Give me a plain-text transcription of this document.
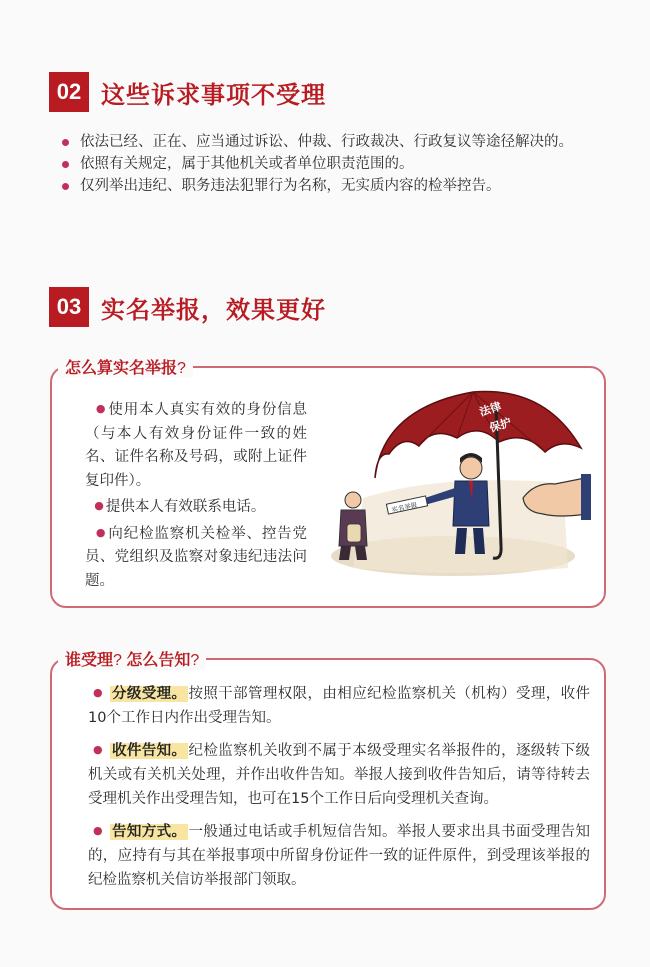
02 这些诉求事项不受理
依法已经、正在、应当通过诉讼、仲裁、行政裁决、行政复议等途径解决的。
依照有关规定，属于其他机关或者单位职责范围的。
仅列举出违纪、职务违法犯罪行为名称，无实质内容的检举控告。
03 实名举报，效果更好
怎么算实名举报?

● 使用本人真实有效的身份信息（与本人有效身份证件一致的姓名、证件名称及号码，或附上证件复印件）。

● 提供本人有效联系电话。

● 向纪检监察机关检举、控告党员、党组织及监察对象违纪违法问题。

法律
保护
实名举报
谁受理? 怎么告知?

● 分级受理。 按照干部管理权限，由相应纪检监察机关（机构）受理，收件10个工作日内作出受理告知。

● 收件告知。 纪检监察机关收到不属于本级受理实名举报件的，逐级转下级机关或有关机关处理，并作出收件告知。举报人接到收件告知后，请等待转去受理机关作出受理告知，也可在15个工作日后向受理机关查询。

● 告知方式。 一般通过电话或手机短信告知。举报人要求出具书面受理告知的，应持有与其在举报事项中所留身份证件一致的证件原件，到受理该举报的纪检监察机关信访举报部门领取。
